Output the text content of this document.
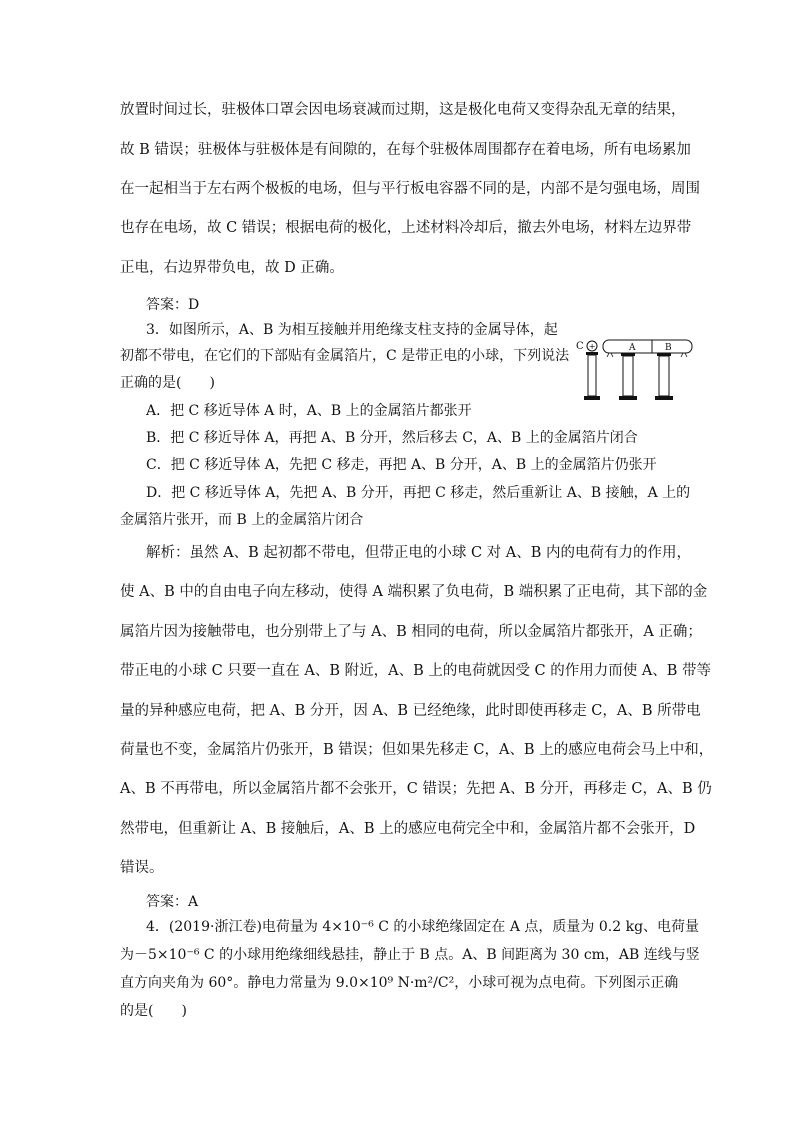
放置时间过长，驻极体口罩会因电场衰减而过期，这是极化电荷又变得杂乱无章的结果，
故 B 错误；驻极体与驻极体是有间隙的，在每个驻极体周围都存在着电场，所有电场累加
在一起相当于左右两个极板的电场，但与平行板电容器不同的是，内部不是匀强电场，周围
也存在电场，故 C 错误；根据电荷的极化，上述材料冷却后，撤去外电场，材料左边界带
正电，右边界带负电，故 D 正确。
答案：D
3．如图所示，A、B 为相互接触并用绝缘支柱支持的金属导体，起
初都不带电，在它们的下部贴有金属箔片，C 是带正电的小球，下列说法
正确的是(　　)
A．把 C 移近导体 A 时，A、B 上的金属箔片都张开
B．把 C 移近导体 A，再把 A、B 分开，然后移去 C，A、B 上的金属箔片闭合
C．把 C 移近导体 A，先把 C 移走，再把 A、B 分开，A、B 上的金属箔片仍张开
D．把 C 移近导体 A，先把 A、B 分开，再把 C 移走，然后重新让 A、B 接触，A 上的
金属箔片张开，而 B 上的金属箔片闭合
C +	A	B
解析：虽然 A、B 起初都不带电，但带正电的小球 C 对 A、B 内的电荷有力的作用，
使 A、B 中的自由电子向左移动，使得 A 端积累了负电荷，B 端积累了正电荷，其下部的金
属箔片因为接触带电，也分别带上了与 A、B 相同的电荷，所以金属箔片都张开，A 正确；
带正电的小球 C 只要一直在 A、B 附近，A、B 上的电荷就因受 C 的作用力而使 A、B 带等
量的异种感应电荷，把 A、B 分开，因 A、B 已经绝缘，此时即使再移走 C，A、B 所带电
荷量也不变，金属箔片仍张开，B 错误；但如果先移走 C，A、B 上的感应电荷会马上中和，
A、B 不再带电，所以金属箔片都不会张开，C 错误；先把 A、B 分开，再移走 C，A、B 仍
然带电，但重新让 A、B 接触后，A、B 上的感应电荷完全中和，金属箔片都不会张开，D
错误。
答案：A
4．(2019·浙江卷)电荷量为 4×10⁻⁶ C 的小球绝缘固定在 A 点，质量为 0.2 kg、电荷量
为－5×10⁻⁶ C 的小球用绝缘细线悬挂，静止于 B 点。A、B 间距离为 30 cm，AB 连线与竖
直方向夹角为 60°。静电力常量为 9.0×10⁹ N·m²/C²，小球可视为点电荷。下列图示正确
的是(　　)
